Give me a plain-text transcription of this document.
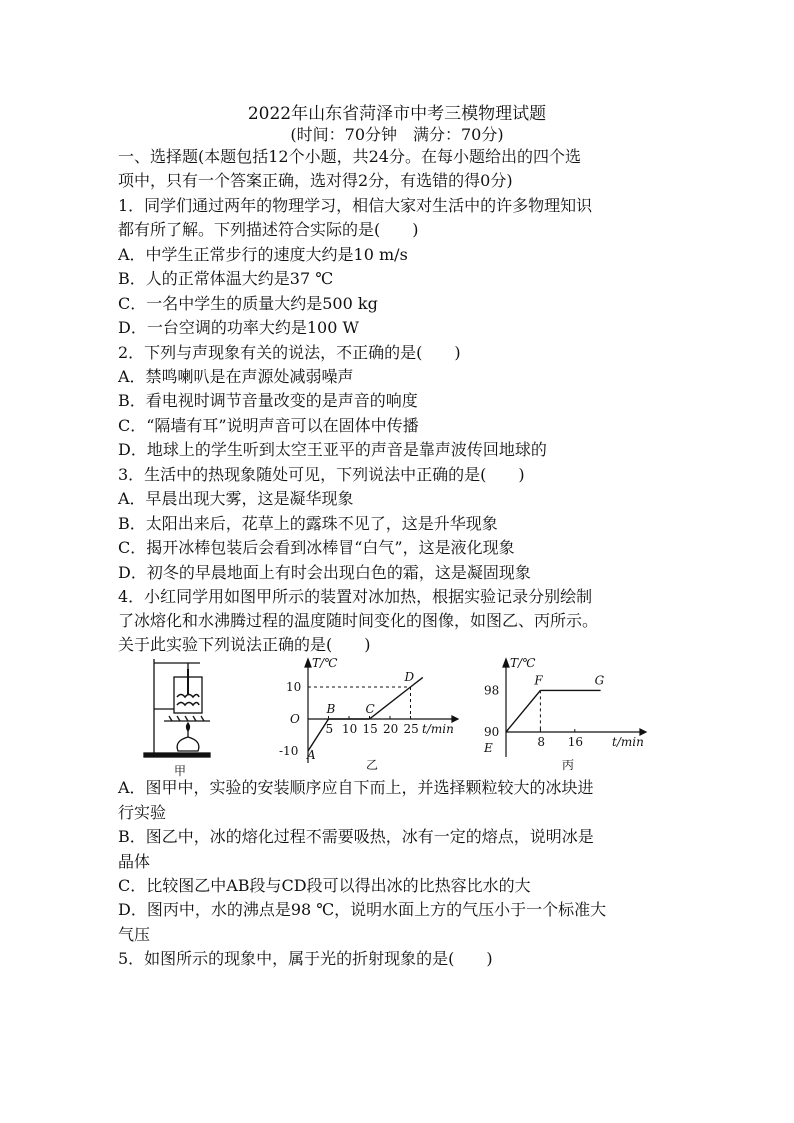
2022年山东省菏泽市中考三模物理试题
(时间：70分钟　满分：70分)
一、选择题(本题包括12个小题，共24分。在每小题给出的四个选
项中，只有一个答案正确，选对得2分，有选错的得0分)
1．同学们通过两年的物理学习，相信大家对生活中的许多物理知识
都有所了解。下列描述符合实际的是(　　)
A．中学生正常步行的速度大约是10 m/s
B．人的正常体温大约是37 ℃
C．一名中学生的质量大约是500 kg
D．一台空调的功率大约是100 W
2．下列与声现象有关的说法，不正确的是(　　)
A．禁鸣喇叭是在声源处减弱噪声
B．看电视时调节音量改变的是声音的响度
C．“隔墙有耳”说明声音可以在固体中传播
D．地球上的学生听到太空王亚平的声音是靠声波传回地球的
3．生活中的热现象随处可见，下列说法中正确的是(　　)
A．早晨出现大雾，这是凝华现象
B．太阳出来后，花草上的露珠不见了，这是升华现象
C．揭开冰棒包装后会看到冰棒冒“白气”，这是液化现象
D．初冬的早晨地面上有时会出现白色的霜，这是凝固现象
4．小红同学用如图甲所示的装置对冰加热，根据实验记录分别绘制
了冰熔化和水沸腾过程的温度随时间变化的图像，如图乙、丙所示。
关于此实验下列说法正确的是(　　)
甲
A
B	C
D
5 10 15 20 25
10
-10
T/℃
t/min
O
乙
E
F	G
8 16
98
90
T/℃
t/min
丙
A．图甲中，实验的安装顺序应自下而上，并选择颗粒较大的冰块进
行实验
B．图乙中，冰的熔化过程不需要吸热，冰有一定的熔点，说明冰是
晶体
C．比较图乙中AB段与CD段可以得出冰的比热容比水的大
D．图丙中，水的沸点是98 ℃，说明水面上方的气压小于一个标准大
气压
5．如图所示的现象中，属于光的折射现象的是(　　)
